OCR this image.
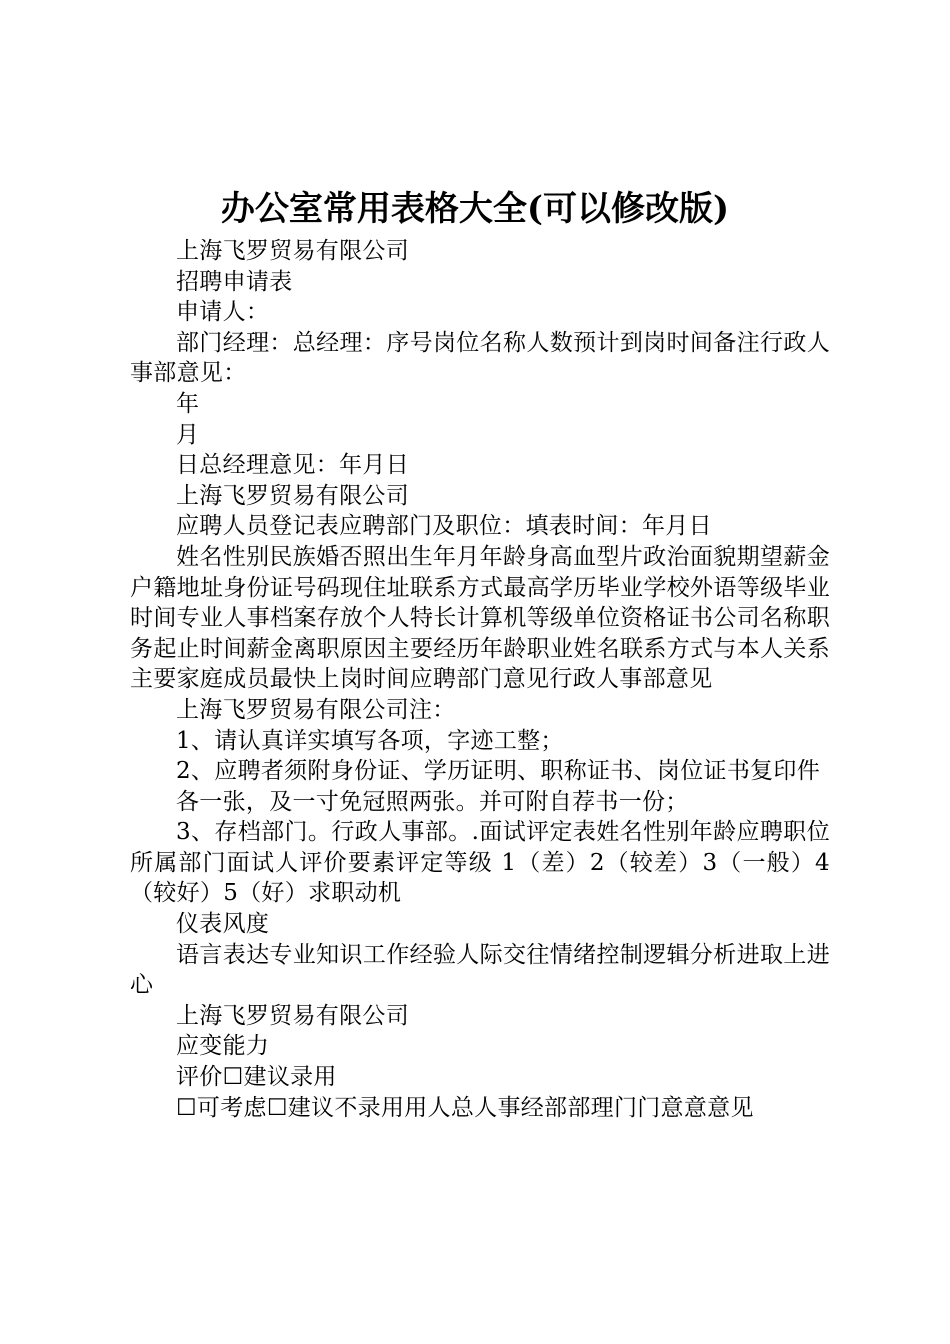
办公室常用表格大全(可以修改版)

上海飞罗贸易有限公司

招聘申请表

申请人：

部门经理：总经理：序号岗位名称人数预计到岗时间备注行政人事部意见：

年

月

日总经理意见：年月日

上海飞罗贸易有限公司

应聘人员登记表应聘部门及职位：填表时间：年月日

姓名性别民族婚否照出生年月年龄身高血型片政治面貌期望薪金户籍地址身份证号码现住址联系方式最高学历毕业学校外语等级毕业时间专业人事档案存放个人特长计算机等级单位资格证书公司名称职务起止时间薪金离职原因主要经历年龄职业姓名联系方式与本人关系主要家庭成员最快上岗时间应聘部门意见行政人事部意见

上海飞罗贸易有限公司注：

1、请认真详实填写各项，字迹工整；

2、应聘者须附身份证、学历证明、职称证书、岗位证书复印件

各一张，及一寸免冠照两张。并可附自荐书一份；

3、存档部门。行政人事部。.面试评定表姓名性别年龄应聘职位所属部门面试人评价要素评定等级 1（差）2（较差）3（一般）4（较好）5（好）求职动机

仪表风度

语言表达专业知识工作经验人际交往情绪控制逻辑分析进取上进心

上海飞罗贸易有限公司

应变能力

评价☐建议录用

☐可考虑☐建议不录用用人总人事经部部理门门意意意见
